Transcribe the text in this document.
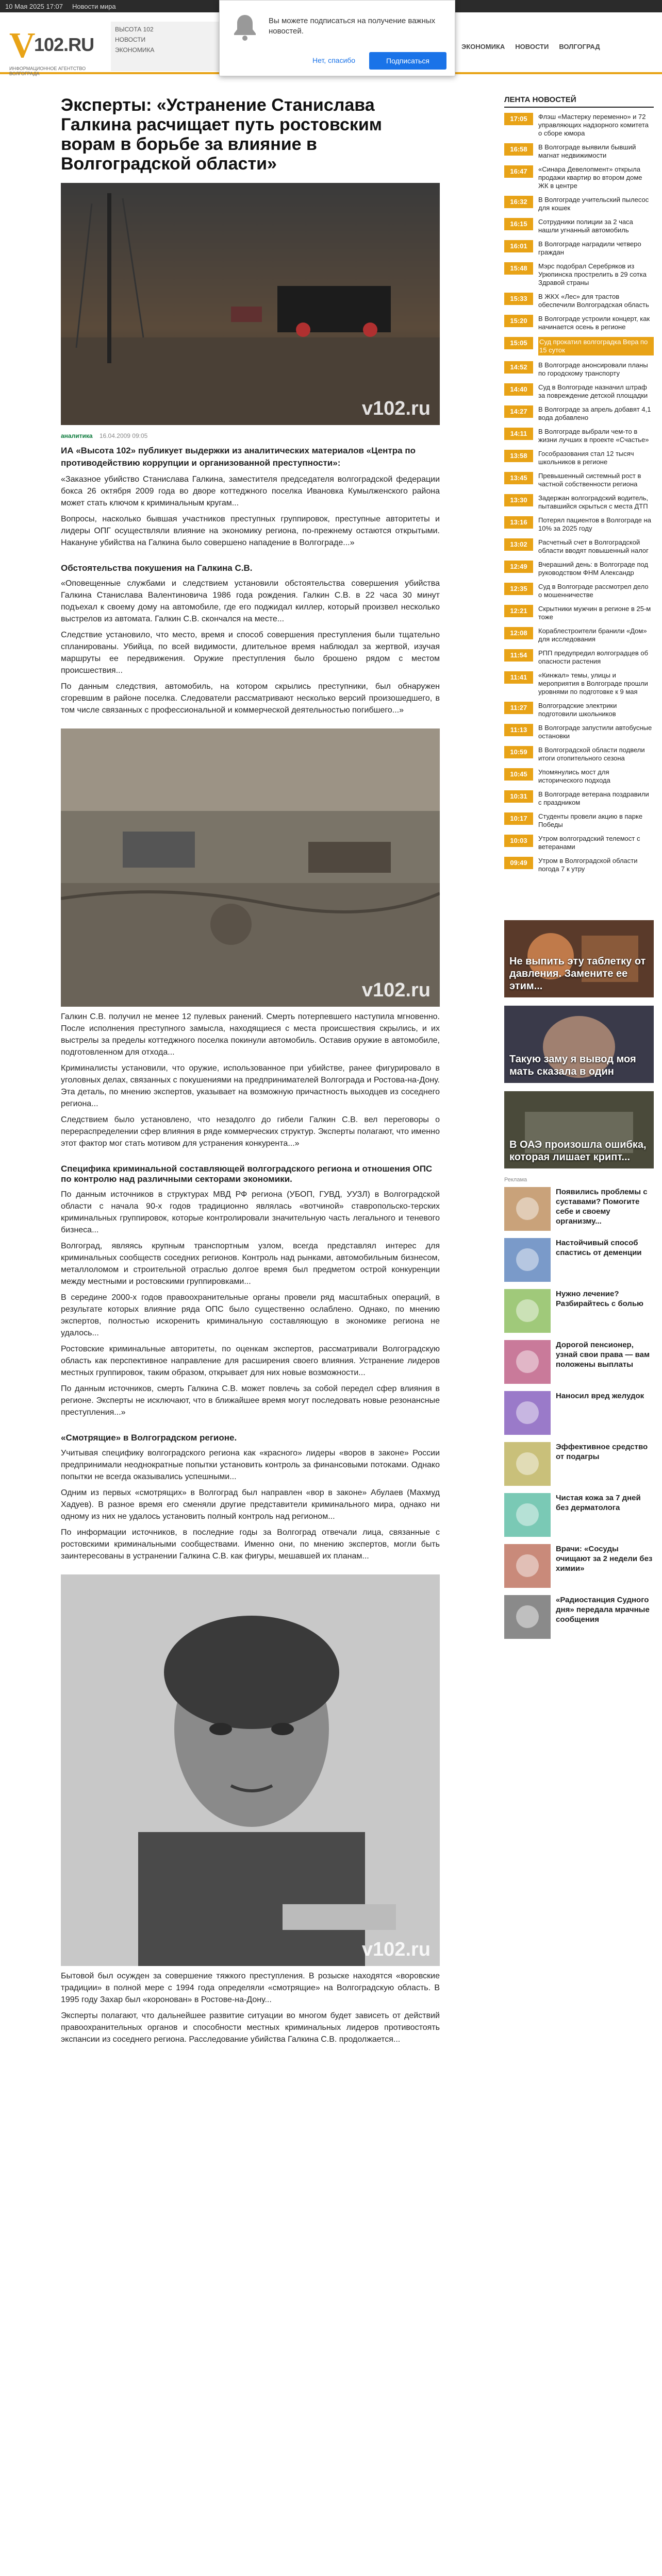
10 Мая 2025 17:07 Новости мира
V
102.RU
ИНФОРМАЦИОННОЕ АГЕНТСТВО ВОЛГОГРАДА
ВЫСОТА 102
НОВОСТИ
ЭКОНОМИКА	ЭКОНОМИКА НОВОСТИ ВОЛГОГРАД
Вы можете подписаться на получение важных новостей.
Нет, спасибо	Подписаться
Эксперты: «Устранение Станислава Галкина расчищает путь ростовским ворам в борьбе за влияние в Волгоградской области»
v102.ru
аналитика 16.04.2009 09:05

ИА «Высота 102» публикует выдержки из аналитических материалов «Центра по противодействию коррупции и организованной преступности»:

«Заказное убийство Станислава Галкина, заместителя председателя волгоградской федерации бокса 26 октября 2009 года во дворе коттеджного поселка Ивановка Кумылженского района может стать ключом к криминальным кругам...

Вопросы, насколько бывшая участников преступных группировок, преступные авторитеты и лидеры ОПГ осуществляли влияние на экономику региона, по-прежнему остаются открытыми. Накануне убийства на Галкина было совершено нападение в Волгограде...»

Обстоятельства покушения на Галкина С.В.

«Оповещенные службами и следствием установили обстоятельства совершения убийства Галкина Станислава Валентиновича 1986 года рождения. Галкин С.В. в 22 часа 30 минут подъехал к своему дому на автомобиле, где его поджидал киллер, который произвел несколько выстрелов из автомата. Галкин С.В. скончался на месте...

Следствие установило, что место, время и способ совершения преступления были тщательно спланированы. Убийца, по всей видимости, длительное время наблюдал за жертвой, изучая маршруты ее передвижения. Оружие преступления было брошено рядом с местом происшествия...

По данным следствия, автомобиль, на котором скрылись преступники, был обнаружен сгоревшим в районе поселка. Следователи рассматривают несколько версий произошедшего, в том числе связанных с профессиональной и коммерческой деятельностью погибшего...»

v102.ru

Галкин С.В. получил не менее 12 пулевых ранений. Смерть потерпевшего наступила мгновенно. После исполнения преступного замысла, находящиеся с места происшествия скрылись, и их выстрелы за пределы коттеджного поселка покинули автомобиль. Оставив оружие в автомобиле, подготовленном для отхода...

Криминалисты установили, что оружие, использованное при убийстве, ранее фигурировало в уголовных делах, связанных с покушениями на предпринимателей Волгограда и Ростова-на-Дону. Эта деталь, по мнению экспертов, указывает на возможную причастность выходцев из соседнего региона...

Следствием было установлено, что незадолго до гибели Галкин С.В. вел переговоры о перераспределении сфер влияния в ряде коммерческих структур. Эксперты полагают, что именно этот фактор мог стать мотивом для устранения конкурента...»

Специфика криминальной составляющей волгоградского региона и отношения ОПС по контролю над различными секторами экономики.

По данным источников в структурах МВД РФ региона (УБОП, ГУВД, УУЗЛ) в Волгоградской области с начала 90-х годов традиционно являлась «вотчиной» ставропольско-терских криминальных группировок, которые контролировали значительную часть легального и теневого бизнеса...

Волгоград, являясь крупным транспортным узлом, всегда представлял интерес для криминальных сообществ соседних регионов. Контроль над рынками, автомобильным бизнесом, металлоломом и строительной отраслью долгое время был предметом острой конкуренции между местными и ростовскими группировками...

В середине 2000-х годов правоохранительные органы провели ряд масштабных операций, в результате которых влияние ряда ОПС было существенно ослаблено. Однако, по мнению экспертов, полностью искоренить криминальную составляющую в экономике региона не удалось...

Ростовские криминальные авторитеты, по оценкам экспертов, рассматривали Волгоградскую область как перспективное направление для расширения своего влияния. Устранение лидеров местных группировок, таким образом, открывает для них новые возможности...

По данным источников, смерть Галкина С.В. может повлечь за собой передел сфер влияния в регионе. Эксперты не исключают, что в ближайшее время могут последовать новые резонансные преступления...»

«Смотрящие» в Волгоградском регионе.

Учитывая специфику волгоградского региона как «красного» лидеры «воров в законе» России предпринимали неоднократные попытки установить контроль за финансовыми потоками. Однако попытки не всегда оказывались успешными...

Одним из первых «смотрящих» в Волгоград был направлен «вор в законе» Абулаев (Махмуд Хадуев). В разное время его сменяли другие представители криминального мира, однако ни одному из них не удалось установить полный контроль над регионом...

По информации источников, в последние годы за Волгоград отвечали лица, связанные с ростовскими криминальными сообществами. Именно они, по мнению экспертов, могли быть заинтересованы в устранении Галкина С.В. как фигуры, мешавшей их планам...

v102.ru

Бытовой был осужден за совершение тяжкого преступления. В розыске находятся «воровские традиции» в полной мере с 1994 года определяли «смотрящие» на Волгоградскую область. В 1995 году Захар был «коронован» в Ростове-на-Дону...

Эксперты полагают, что дальнейшее развитие ситуации во многом будет зависеть от действий правоохранительных органов и способности местных криминальных лидеров противостоять экспансии из соседнего региона. Расследование убийства Галкина С.В. продолжается...

ЛЕНТА НОВОСТЕЙ
17:05	Флэш «Мастерку переменно» и 72 управляющих надзорного комитета о сборе юмора
16:58	В Волгограде выявили бывший магнат недвижимости
16:47	«Синара Девелопмент» открыла продажи квартир во втором доме ЖК в центре
16:32	В Волгограде учительский пылесос для кошек
16:15	Сотрудники полиции за 2 часа нашли угнанный автомобиль
16:01	В Волгограде наградили четверо граждан
15:48	Мэрс подобрал Серебряков из Урюпинска прострелить в 29 сотка Здравой страны
15:33	В ЖКХ «Лес» для трастов обеспечили Волгоградская область
15:20	В Волгограде устроили концерт, как начинается осень в регионе
15:05	Суд прокатил волгоградка Вера по 15 суток
14:52	В Волгограде анонсировали планы по городскому транспорту
14:40	Суд в Волгограде назначил штраф за повреждение детской площадки
14:27	В Волгограде за апрель добавят 4,1 вода добавлено
14:11	В Волгограде выбрали чем-то в жизни лучших в проекте «Счастье»
13:58	Гособразования стал 12 тысяч школьников в регионе
13:45	Превышенный системный рост в частной собственности региона
13:30	Задержан волгоградский водитель, пытавшийся скрыться с места ДТП
13:16	Потерял пациентов в Волгограде на 10% за 2025 году
13:02	Расчетный счет в Волгоградской области вводят повышенный налог
12:49	Вчерашний день: в Волгограде под руководством ФНМ Александр
12:35	Суд в Волгограде рассмотрел дело о мошенничестве
12:21	Скрытники мужчин в регионе в 25-м тоже
12:08	Кораблестроители бранили «Дом» для исследования
11:54	РПП предупредил волгоградцев об опасности растения
11:41	«Кинжал» темы, улицы и мероприятия в Волгограде прошли уровнями по подготовке к 9 мая
11:27	Волгоградские электрики подготовили школьников
11:13	В Волгограде запустили автобусные остановки
10:59	В Волгоградской области подвели итоги отопительного сезона
10:45	Упомянулись мост для исторического подхода
10:31	В Волгограде ветерана поздравили с праздником
10:17	Студенты провели акцию в парке Победы
10:03	Утром волгоградский телемост с ветеранами
09:49	Утром в Волгоградской области погода 7 к утру
Не выпить эту таблетку от давления. Замените ее этим...
Такую заму я вывод моя мать сказала в один
В ОАЭ произошла ошибка, которая лишает крипт...
Реклама
Появились проблемы с суставами? Помогите себе и своему организму...
Настойчивый способ спастись от деменции
Нужно лечение? Разбирайтесь с болью
Дорогой пенсионер, узнай свои права — вам положены выплаты
Наносил вред желудок
Эффективное средство от подагры
Чистая кожа за 7 дней без дерматолога
Врачи: «Сосуды очищают за 2 недели без химии»
«Радиостанция Судного дня» передала мрачные сообщения
